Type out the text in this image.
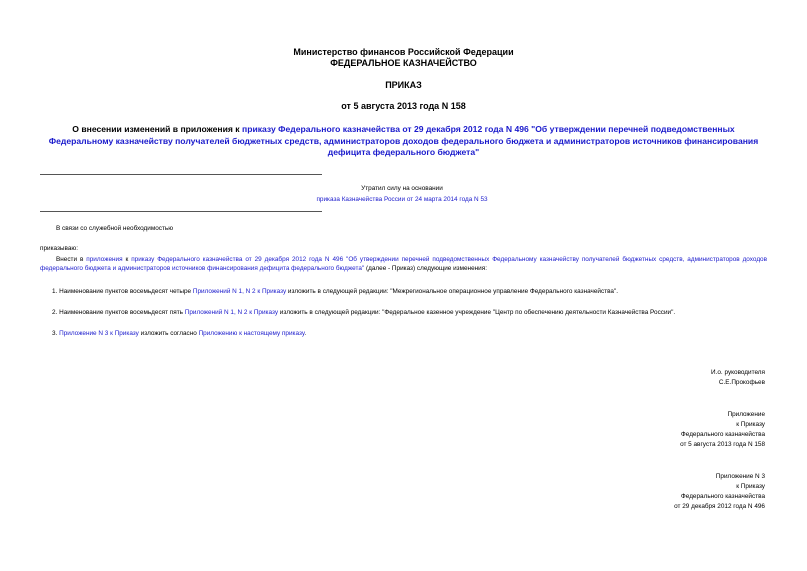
Министерство финансов Российской Федерации
ФЕДЕРАЛЬНОЕ КАЗНАЧЕЙСТВО
ПРИКАЗ
от 5 августа 2013 года N 158
О внесении изменений в приложения к приказу Федерального казначейства от 29 декабря 2012 года N 496 "Об утверждении перечней подведомственных Федеральному казначейству получателей бюджетных средств, администраторов доходов федерального бюджета и администраторов источников финансирования дефицита федерального бюджета"
Утратил силу на основании
приказа Казначейства России от 24 марта 2014 года N 53
В связи со служебной необходимостью
приказываю:
Внести в приложения к приказу Федерального казначейства от 29 декабря 2012 года N 496 "Об утверждении перечней подведомственных Федеральному казначейству получателей бюджетных средств, администраторов доходов федерального бюджета и администраторов источников финансирования дефицита федерального бюджета" (далее - Приказ) следующие изменения:
1. Наименование пунктов восемьдесят четыре Приложений N 1, N 2 к Приказу изложить в следующей редакции: "Межрегиональное операционное управление Федерального казначейства".
2. Наименование пунктов восемьдесят пять Приложений N 1, N 2 к Приказу изложить в следующей редакции: "Федеральное казенное учреждение "Центр по обеспечению деятельности Казначейства России".
3. Приложение N 3 к Приказу изложить согласно Приложению к настоящему приказу.
И.о. руководителя
С.Е.Прокофьев
Приложение
к Приказу
Федерального казначейства
от 5 августа 2013 года N 158
Приложение N 3
к Приказу
Федерального казначейства
от 29 декабря 2012 года N 496
